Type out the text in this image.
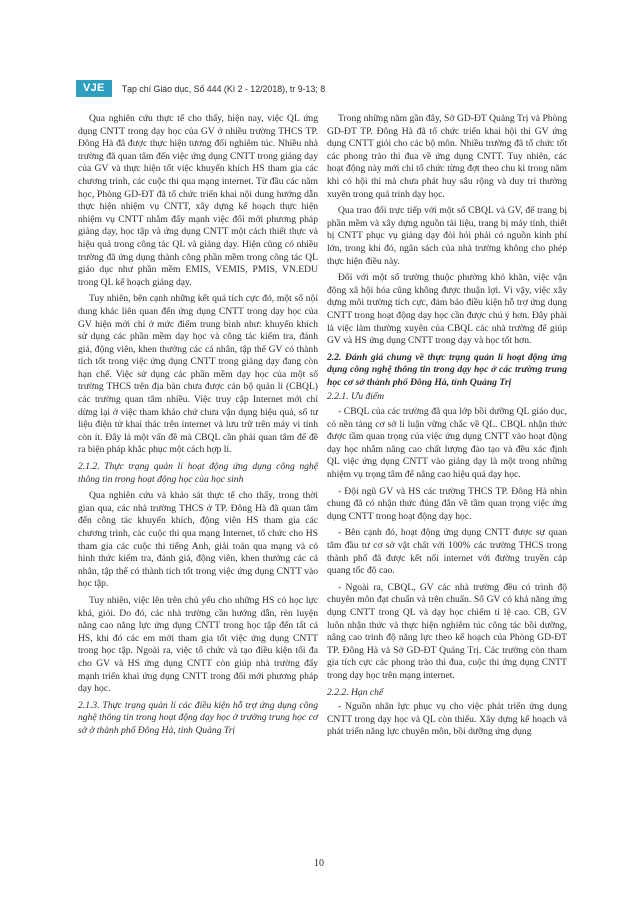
VJE	Tạp chí Giáo dục, Số 444 (Kì 2 - 12/2018), tr 9-13; 8

Qua nghiên cứu thực tế cho thấy, hiện nay, việc QL ứng dụng CNTT trong dạy học của GV ở nhiều trường THCS TP. Đông Hà đã được thực hiện tương đối nghiêm túc. Nhiều nhà trường đã quan tâm đến việc ứng dụng CNTT trong giảng dạy của GV và thực hiện tốt việc khuyến khích HS tham gia các chương trình, các cuộc thi qua mạng internet. Từ đầu các năm học, Phòng GD-ĐT đã tổ chức triển khai nội dung hướng dẫn thực hiện nhiệm vụ CNTT, xây dựng kế hoạch thực hiện nhiệm vụ CNTT nhằm đẩy mạnh việc đổi mới phương pháp giảng dạy, học tập và ứng dụng CNTT một cách thiết thực và hiệu quả trong công tác QL và giảng dạy. Hiện cũng có nhiều trường đã ứng dụng thành công phần mềm trong công tác QL giáo dục như phần mềm EMIS, VEMIS, PMIS, VN.EDU trong QL kế hoạch giảng dạy.

Tuy nhiên, bên cạnh những kết quả tích cực đó, một số nội dung khác liên quan đến ứng dụng CNTT trong dạy học của GV hiện mới chỉ ở mức điểm trung bình như: khuyến khích sử dụng các phần mềm dạy học và công tác kiểm tra, đánh giá, động viên, khen thưởng các cá nhân, tập thể GV có thành tích tốt trong việc ứng dụng CNTT trong giảng dạy đang còn hạn chế. Việc sử dụng các phần mềm dạy học của một số trường THCS trên địa bàn chưa được cán bộ quản lí (CBQL) các trường quan tâm nhiều. Việc truy cập Internet mới chỉ dừng lại ở việc tham khảo chứ chưa vận dụng hiệu quả, số tư liệu điện tử khai thác trên internet và lưu trữ trên máy vi tính còn ít. Đây là một vấn đề mà CBQL cần phải quan tâm để đề ra biện pháp khắc phục một cách hợp lí.

2.1.2. Thực trạng quản lí hoạt động ứng dụng công nghệ thông tin trong hoạt động học của học sinh

Qua nghiên cứu và khảo sát thực tế cho thấy, trong thời gian qua, các nhà trường THCS ở TP. Đông Hà đã quan tâm đến công tác khuyến khích, động viên HS tham gia các chương trình, các cuộc thi qua mạng Internet, tổ chức cho HS tham gia các cuộc thi tiếng Anh, giải toán qua mạng và có hình thức kiểm tra, đánh giá, động viên, khen thưởng các cá nhân, tập thể có thành tích tốt trong việc ứng dụng CNTT vào học tập.

Tuy nhiên, việc lên trên chủ yếu cho những HS có học lực khá, giỏi. Do đó, các nhà trường cần hướng dẫn, rèn luyện năng cao năng lực ứng dụng CNTT trong học tập đến tất cả HS, khi đó các em mới tham gia tốt việc ứng dụng CNTT trong học tập. Ngoài ra, việc tổ chức và tạo điều kiện tối đa cho GV và HS ứng dụng CNTT còn giúp nhà trường đẩy mạnh triển khai ứng dụng CNTT trong đổi mới phương pháp dạy học.

2.1.3. Thực trạng quản lí các điều kiện hỗ trợ ứng dụng công nghệ thông tin trong hoạt động dạy học ở trường trung học cơ sở ở thành phố Đông Hà, tỉnh Quảng Trị

Trong những năm gần đây, Sở GD-ĐT Quảng Trị và Phòng GD-ĐT TP. Đông Hà đã tổ chức triển khai hội thi GV ứng dụng CNTT giỏi cho các bộ môn. Nhiều trường đã tổ chức tốt các phong trào thi đua về ứng dụng CNTT. Tuy nhiên, các hoạt động này mới chỉ tổ chức từng đợt theo chu kì trong năm khi có hội thi mà chưa phát huy sâu rộng và duy trì thường xuyên trong quá trình dạy học.

Qua trao đổi trực tiếp với một số CBQL và GV, để trang bị phần mềm và xây dựng nguồn tài liệu, trang bị máy tính, thiết bị CNTT phục vụ giảng dạy đòi hỏi phải có nguồn kinh phí lớn, trong khi đó, ngân sách của nhà trường không cho phép thực hiện điều này.

Đối với một số trường thuộc phường khó khăn, việc vận động xã hội hóa cũng không được thuận lợi. Vì vậy, việc xây dựng môi trường tích cực, đảm bảo điều kiện hỗ trợ ứng dụng CNTT trong hoạt động dạy học cần được chú ý hơn. Đây phải là việc làm thường xuyên của CBQL các nhà trường để giúp GV và HS ứng dụng CNTT trong dạy và học tốt hơn.

2.2. Đánh giá chung về thực trạng quản lí hoạt động ứng dụng công nghệ thông tin trong dạy học ở các trường trung học cơ sở thành phố Đông Hà, tỉnh Quảng Trị

2.2.1. Ưu điểm

- CBQL của các trường đã qua lớp bồi dưỡng QL giáo dục, có nền tảng cơ sở lí luận vững chắc về QL. CBQL nhận thức được tầm quan trọng của việc ứng dụng CNTT vào hoạt động dạy học nhằm nâng cao chất lượng đào tạo và đều xác định QL việc ứng dụng CNTT vào giảng dạy là một trong những nhiệm vụ trọng tâm để nâng cao hiệu quả dạy học.

- Đội ngũ GV và HS các trường THCS TP. Đông Hà nhìn chung đã có nhận thức đúng đắn về tầm quan trọng việc ứng dụng CNTT trong hoạt động dạy học.

- Bên cạnh đó, hoạt động ứng dụng CNTT được sự quan tâm đầu tư cơ sở vật chất với 100% các trường THCS trong thành phố đã được kết nối internet với đường truyền cáp quang tốc độ cao.

- Ngoài ra, CBQL, GV các nhà trường đều có trình độ chuyên môn đạt chuẩn và trên chuẩn. Số GV có khả năng ứng dụng CNTT trong QL và dạy học chiếm tỉ lệ cao. CB, GV luôn nhận thức và thực hiện nghiêm túc công tác bồi dưỡng, nâng cao trình độ năng lực theo kế hoạch của Phòng GD-ĐT TP. Đông Hà và Sở GD-ĐT Quảng Trị. Các trường còn tham gia tích cực các phong trào thi đua, cuộc thi ứng dụng CNTT trong dạy học trên mạng internet.

2.2.2. Hạn chế

- Nguồn nhân lực phục vụ cho việc phát triển ứng dụng CNTT trong dạy học và QL còn thiếu. Xây dựng kế hoạch và phát triển năng lực chuyên môn, bồi dưỡng ứng dụng

10
